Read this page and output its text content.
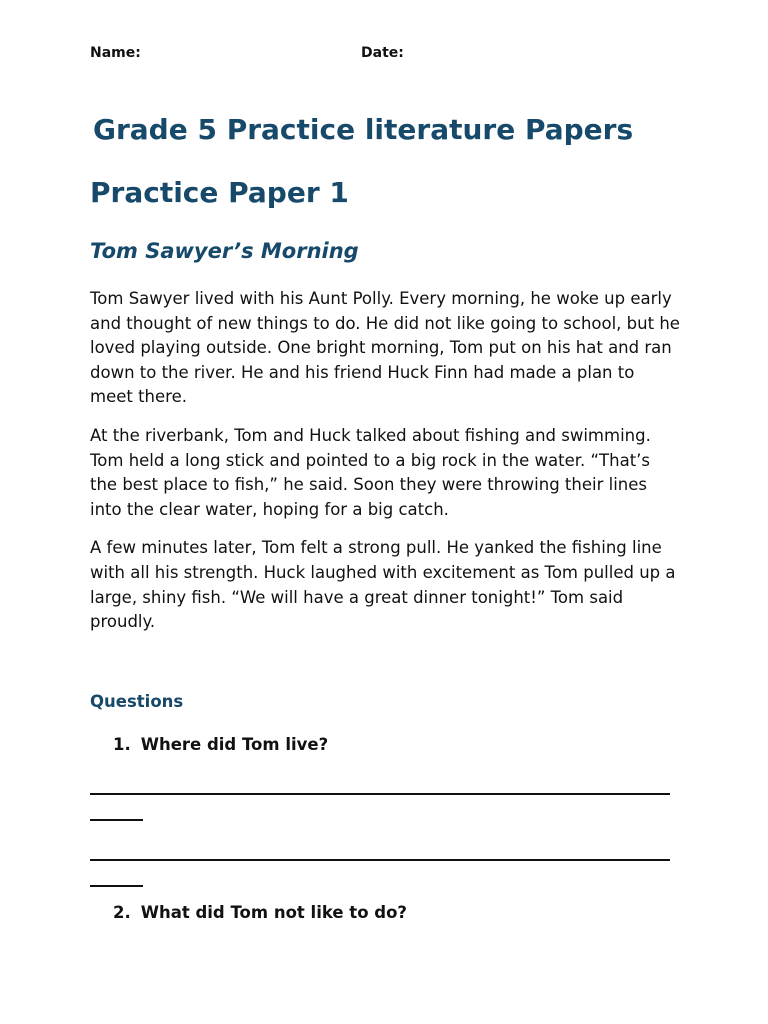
Name:	Date:
Grade 5 Practice literature Papers
Practice Paper 1
Tom Sawyer’s Morning

Tom Sawyer lived with his Aunt Polly. Every morning, he woke up early and thought of new things to do. He did not like going to school, but he loved playing outside. One bright morning, Tom put on his hat and ran down to the river. He and his friend Huck Finn had made a plan to meet there.

At the riverbank, Tom and Huck talked about fishing and swimming. Tom held a long stick and pointed to a big rock in the water. “That’s the best place to fish,” he said. Soon they were throwing their lines into the clear water, hoping for a big catch.

A few minutes later, Tom felt a strong pull. He yanked the fishing line with all his strength. Huck laughed with excitement as Tom pulled up a large, shiny fish. “We will have a great dinner tonight!” Tom said proudly.

Questions
1. Where did Tom live?
2. What did Tom not like to do?
